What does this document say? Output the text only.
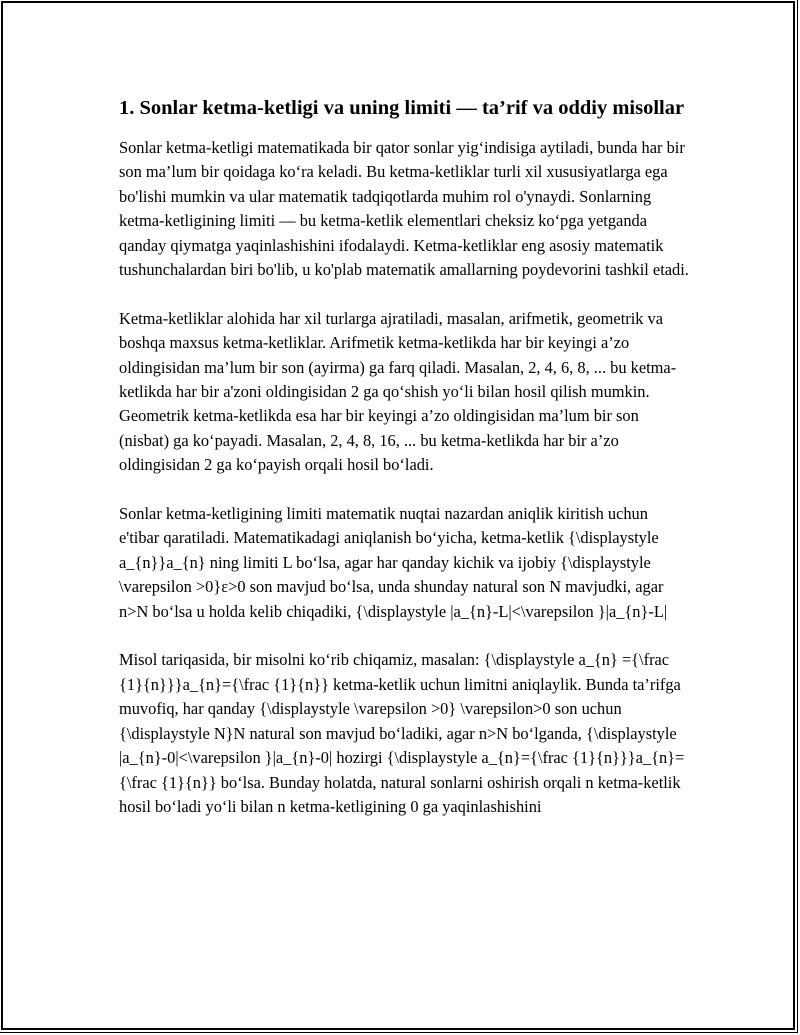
1. Sonlar ketma-ketligi va uning limiti — ta’rif va oddiy misollar

Sonlar ketma-ketligi matematikada bir qator sonlar yig‘indisiga aytiladi, bunda har bir son ma’lum bir qoidaga ko‘ra keladi. Bu ketma-ketliklar turli xil xususiyatlarga ega bo'lishi mumkin va ular matematik tadqiqotlarda muhim rol o'ynaydi. Sonlarning ketma-ketligining limiti — bu ketma-ketlik elementlari cheksiz ko‘pga yetganda qanday qiymatga yaqinlashishini ifodalaydi. Ketma-ketliklar eng asosiy matematik tushunchalardan biri bo'lib, u ko'plab matematik amallarning poydevorini tashkil etadi.

Ketma-ketliklar alohida har xil turlarga ajratiladi, masalan, arifmetik, geometrik va boshqa maxsus ketma-ketliklar. Arifmetik ketma-ketlikda har bir keyingi a’zo oldingisidan ma’lum bir son (ayirma) ga farq qiladi. Masalan, 2, 4, 6, 8, ... bu ketma-ketlikda har bir a'zoni oldingisidan 2 ga qo‘shish yo‘li bilan hosil qilish mumkin. Geometrik ketma-ketlikda esa har bir keyingi a’zo oldingisidan ma’lum bir son (nisbat) ga ko‘payadi. Masalan, 2, 4, 8, 16, ... bu ketma-ketlikda har bir a’zo oldingisidan 2 ga ko‘payish orqali hosil bo‘ladi.

Sonlar ketma-ketligining limiti matematik nuqtai nazardan aniqlik kiritish uchun e'tibar qaratiladi. Matematikadagi aniqlanish bo‘yicha, ketma-ketlik {\displaystyle a_{n}}a_{n} ning limiti L bo‘lsa, agar har qanday kichik va ijobiy {\displaystyle \varepsilon >0}ε>0 son mavjud bo‘lsa, unda shunday natural son N mavjudki, agar n>N bo‘lsa u holda kelib chiqadiki, {\displaystyle |a_{n}-L|<\varepsilon }|a_{n}-L|

Misol tariqasida, bir misolni ko‘rib chiqamiz, masalan: {\displaystyle a_{n} ={\frac {1}{n}}}a_{n}={\frac {1}{n}} ketma-ketlik uchun limitni aniqlaylik. Bunda ta’rifga muvofiq, har qanday {\displaystyle \varepsilon >0} \varepsilon>0 son uchun {\displaystyle N}N natural son mavjud bo‘ladiki, agar n>N bo‘lganda, {\displaystyle |a_{n}-0|<\varepsilon }|a_{n}-0| hozirgi {\displaystyle a_{n}={\frac {1}{n}}}a_{n}={\frac {1}{n}} bo‘lsa. Bunday holatda, natural sonlarni oshirish orqali n ketma-ketlik hosil bo‘ladi yo‘li bilan n ketma-ketligining 0 ga yaqinlashishini
